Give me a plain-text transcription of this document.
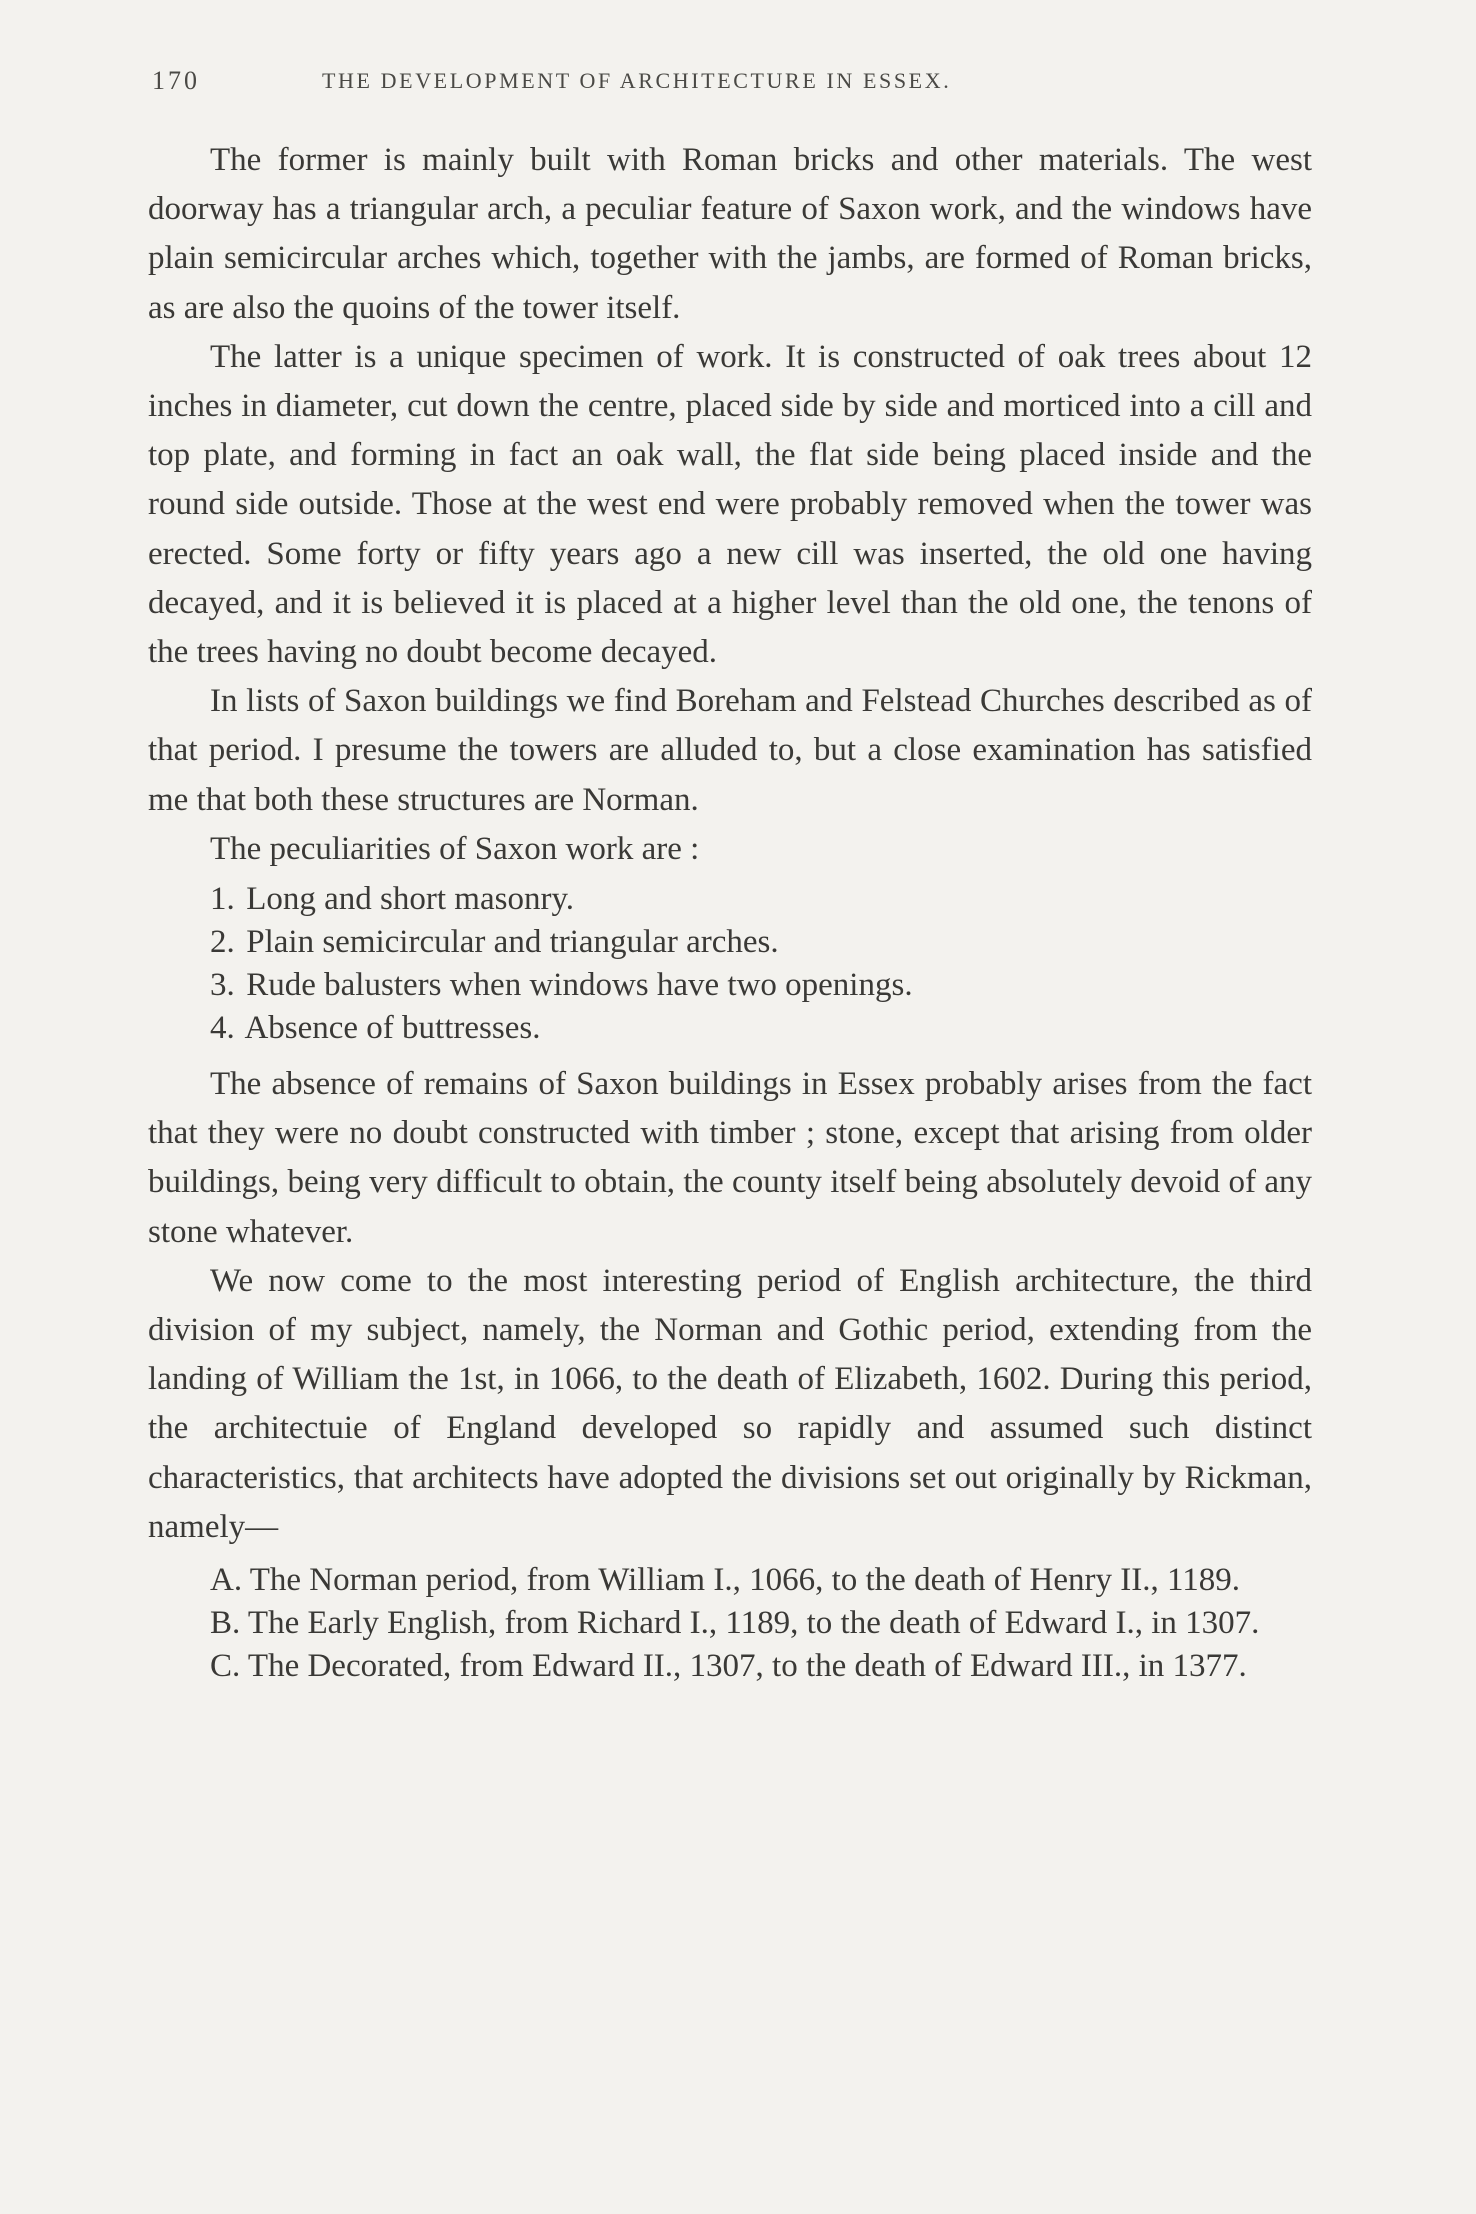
170	THE DEVELOPMENT OF ARCHITECTURE IN ESSEX.

The former is mainly built with Roman bricks and other materials. The west doorway has a triangular arch, a peculiar feature of Saxon work, and the windows have plain semicircular arches which, together with the jambs, are formed of Roman bricks, as are also the quoins of the tower itself.

The latter is a unique specimen of work. It is constructed of oak trees about 12 inches in diameter, cut down the centre, placed side by side and morticed into a cill and top plate, and forming in fact an oak wall, the flat side being placed inside and the round side outside. Those at the west end were probably removed when the tower was erected. Some forty or fifty years ago a new cill was inserted, the old one having decayed, and it is believed it is placed at a higher level than the old one, the tenons of the trees having no doubt become decayed.

In lists of Saxon buildings we find Boreham and Felstead Churches described as of that period. I presume the towers are alluded to, but a close examination has satisfied me that both these structures are Norman.

The peculiarities of Saxon work are :

1. Long and short masonry.
2. Plain semicircular and triangular arches.
3. Rude balusters when windows have two openings.
4. Absence of buttresses.

The absence of remains of Saxon buildings in Essex probably arises from the fact that they were no doubt constructed with timber ; stone, except that arising from older buildings, being very difficult to obtain, the county itself being absolutely devoid of any stone whatever.

We now come to the most interesting period of English architecture, the third division of my subject, namely, the Norman and Gothic period, extending from the landing of William the 1st, in 1066, to the death of Elizabeth, 1602. During this period, the architectuie of England developed so rapidly and assumed such distinct characteristics, that architects have adopted the divisions set out originally by Rickman, namely—

A. The Norman period, from William I., 1066, to the death of Henry II., 1189.

B. The Early English, from Richard I., 1189, to the death of Edward I., in 1307.

C. The Decorated, from Edward II., 1307, to the death of Edward III., in 1377.
